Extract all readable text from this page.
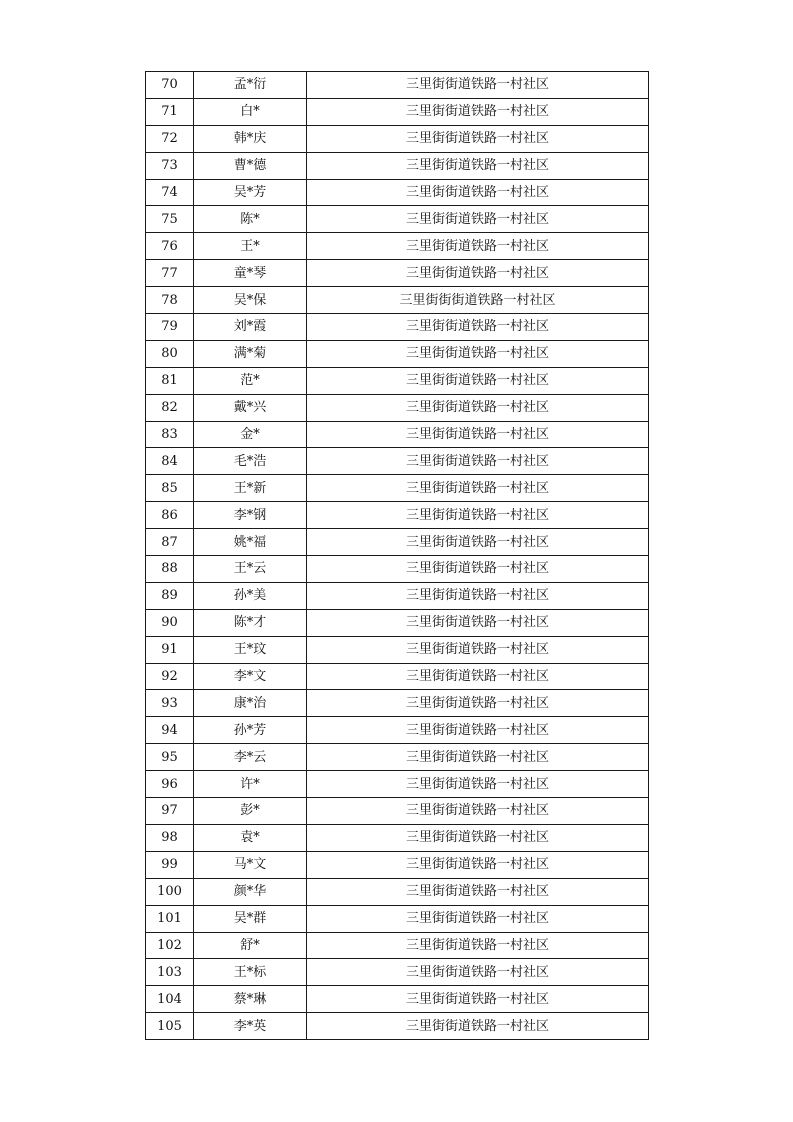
70	孟*衍	三里街街道铁路一村社区
71	白*	三里街街道铁路一村社区
72	韩*庆	三里街街道铁路一村社区
73	曹*德	三里街街道铁路一村社区
74	吴*芳	三里街街道铁路一村社区
75	陈*	三里街街道铁路一村社区
76	王*	三里街街道铁路一村社区
77	童*琴	三里街街道铁路一村社区
78	吴*保	三里街街街道铁路一村社区
79	刘*霞	三里街街道铁路一村社区
80	满*菊	三里街街道铁路一村社区
81	范*	三里街街道铁路一村社区
82	戴*兴	三里街街道铁路一村社区
83	金*	三里街街道铁路一村社区
84	毛*浩	三里街街道铁路一村社区
85	王*新	三里街街道铁路一村社区
86	李*钢	三里街街道铁路一村社区
87	姚*福	三里街街道铁路一村社区
88	王*云	三里街街道铁路一村社区
89	孙*美	三里街街道铁路一村社区
90	陈*才	三里街街道铁路一村社区
91	王*玟	三里街街道铁路一村社区
92	李*文	三里街街道铁路一村社区
93	康*治	三里街街道铁路一村社区
94	孙*芳	三里街街道铁路一村社区
95	李*云	三里街街道铁路一村社区
96	许*	三里街街道铁路一村社区
97	彭*	三里街街道铁路一村社区
98	袁*	三里街街道铁路一村社区
99	马*文	三里街街道铁路一村社区
100	颜*华	三里街街道铁路一村社区
101	吴*群	三里街街道铁路一村社区
102	舒*	三里街街道铁路一村社区
103	王*标	三里街街道铁路一村社区
104	蔡*琳	三里街街道铁路一村社区
105	李*英	三里街街道铁路一村社区
